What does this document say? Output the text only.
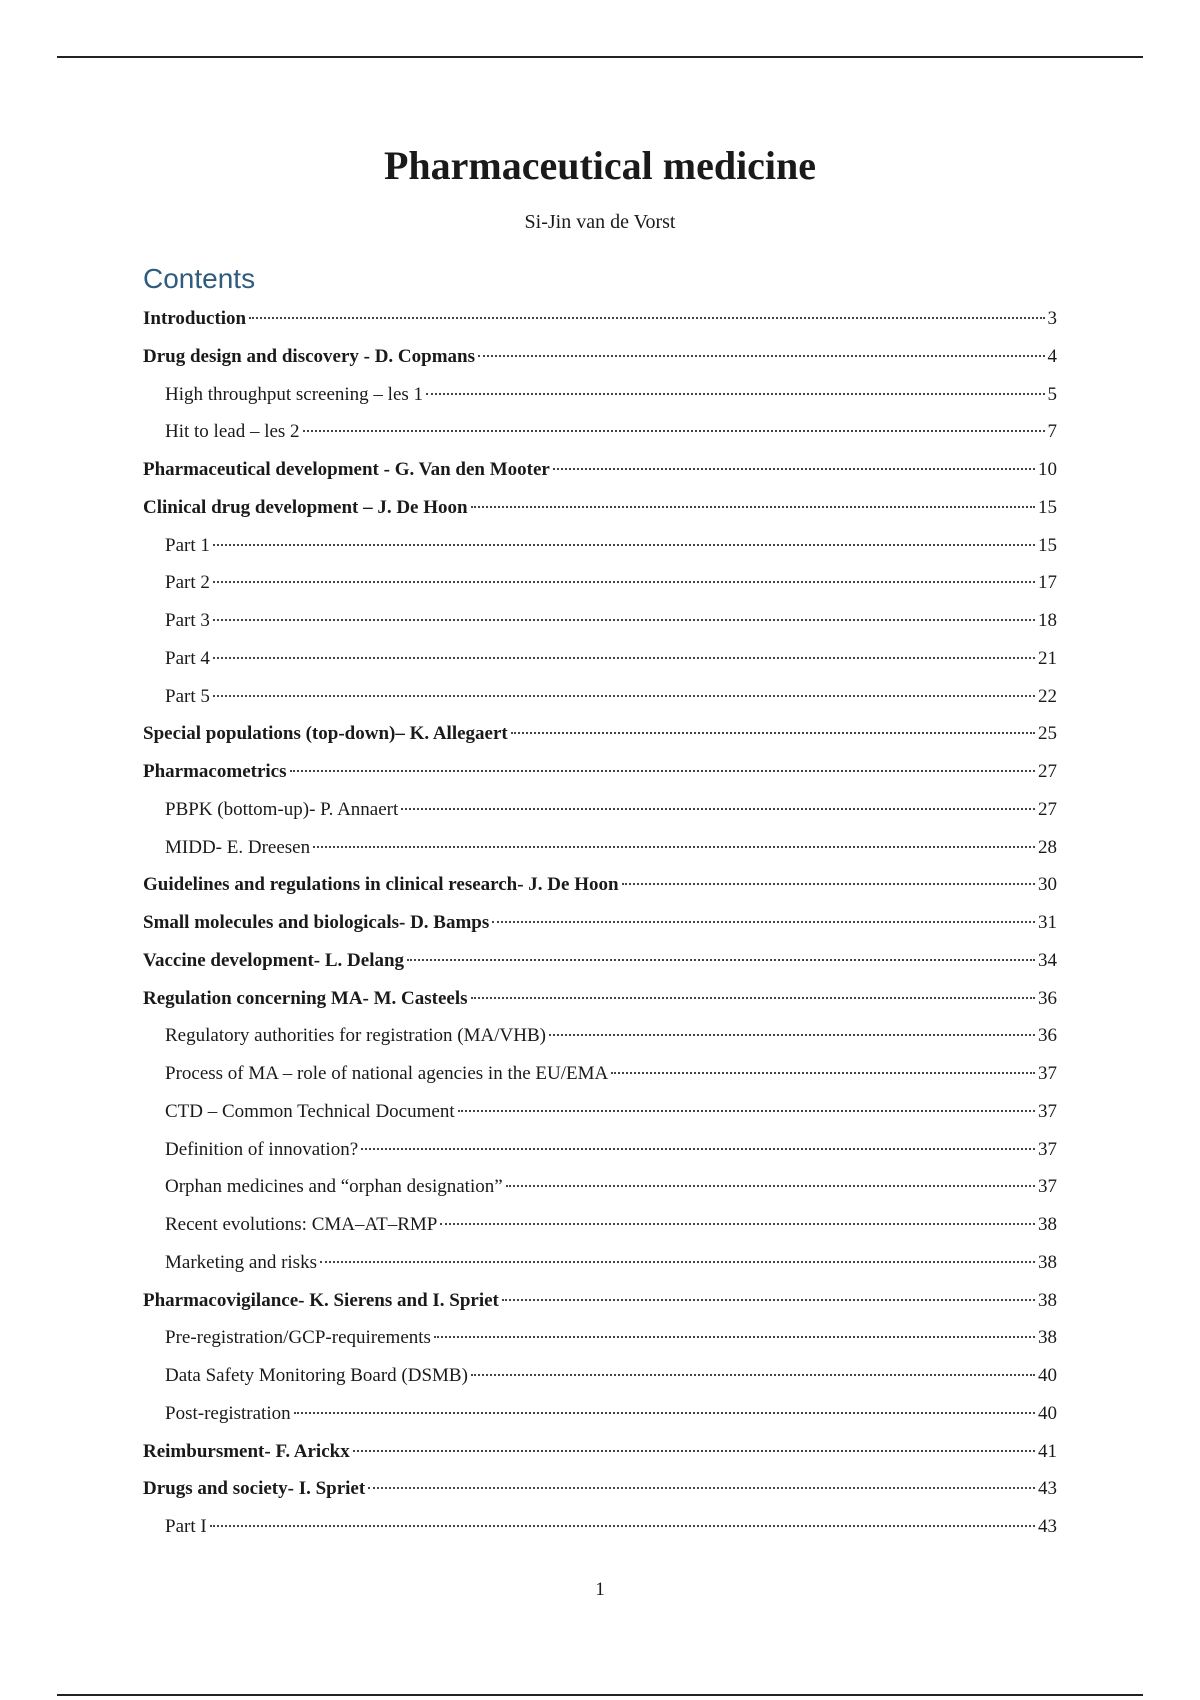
Pharmaceutical medicine
Si-Jin van de Vorst
Contents
Introduction	3
Drug design and discovery - D. Copmans	4
High throughput screening – les 1	5
Hit to lead – les 2	7
Pharmaceutical development - G. Van den Mooter	10
Clinical drug development – J. De Hoon	15
Part 1	15
Part 2	17
Part 3	18
Part 4	21
Part 5	22
Special populations (top-down)– K. Allegaert	25
Pharmacometrics	27
PBPK (bottom-up)- P. Annaert	27
MIDD- E. Dreesen	28
Guidelines and regulations in clinical research- J. De Hoon	30
Small molecules and biologicals- D. Bamps	31
Vaccine development- L. Delang	34
Regulation concerning MA- M. Casteels	36
Regulatory authorities for registration (MA/VHB)	36
Process of MA – role of national agencies in the EU/EMA	37
CTD – Common Technical Document	37
Definition of innovation?	37
Orphan medicines and “orphan designation”	37
Recent evolutions: CMA–AT–RMP	38
Marketing and risks	38
Pharmacovigilance- K. Sierens and I. Spriet	38
Pre-registration/GCP-requirements	38
Data Safety Monitoring Board (DSMB)	40
Post-registration	40
Reimbursment- F. Arickx	41
Drugs and society- I. Spriet	43
Part I	43
1
